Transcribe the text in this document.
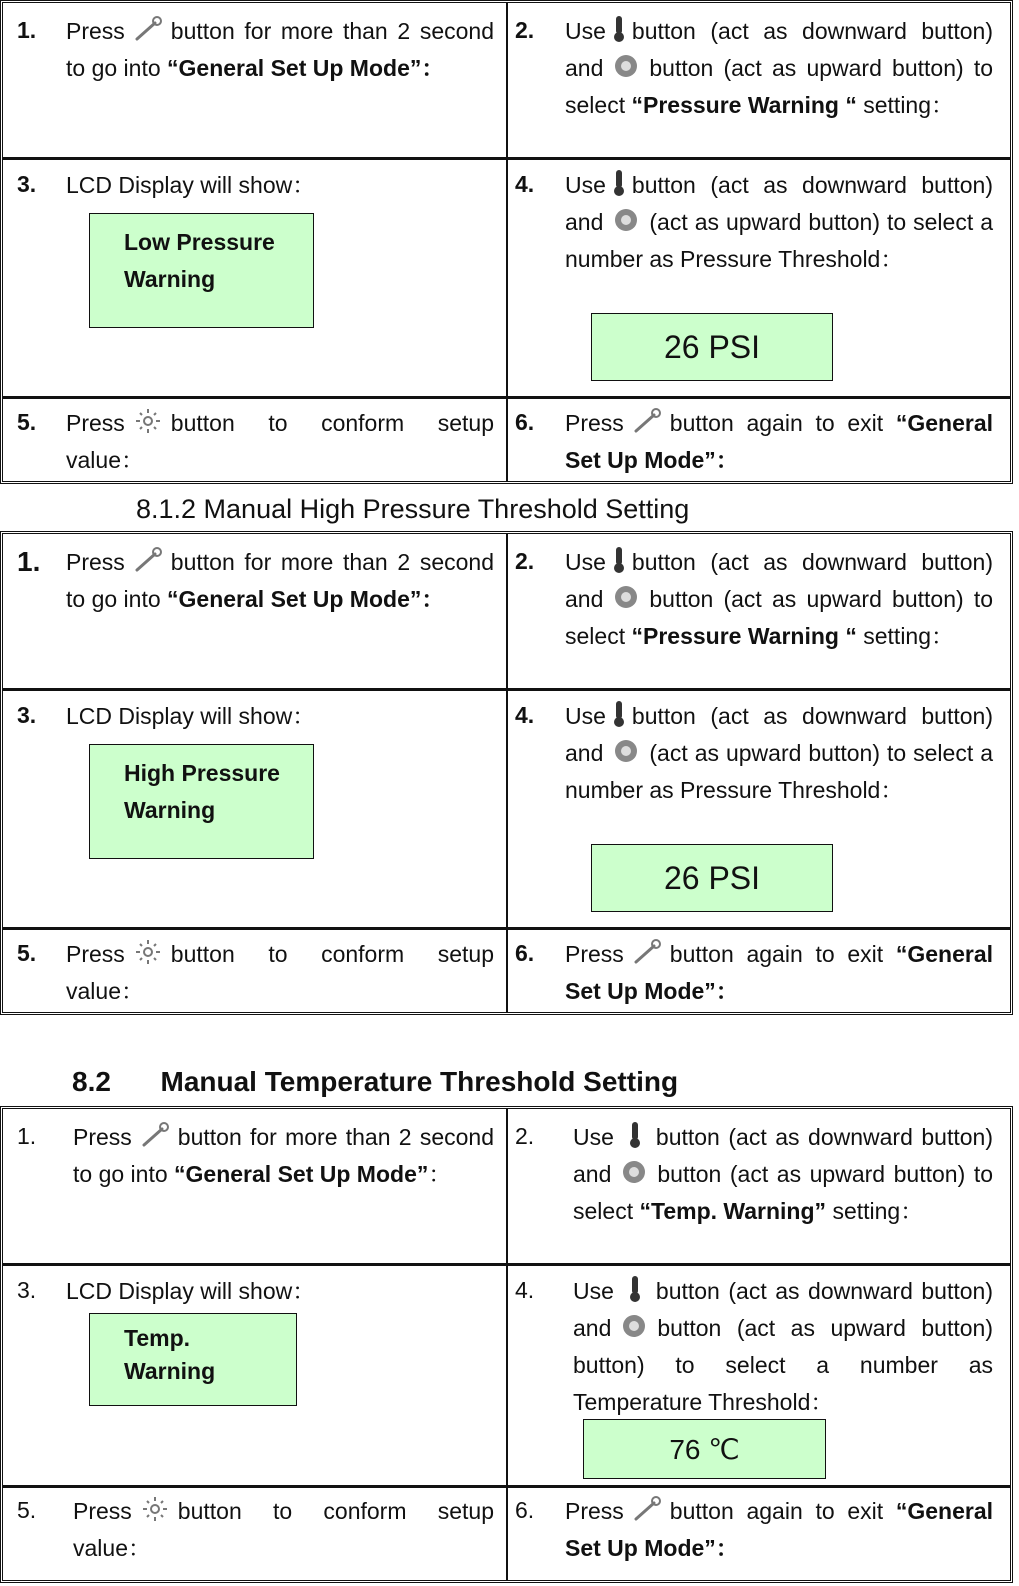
1. Press button for more than 2 second to go into “General Set Up Mode”：
2. Use button (act as downward button) and button (act as upward button) to select “Pressure Warning “ setting：
3. LCD Display will show：
Low Pressure Warning
4. Use button (act as downward button) and (act as upward button) to select a number as Pressure Threshold：
26 PSI
5. Press button to conform setup value：
6. Press button again to exit “General Set Up Mode”：
8.1.2 Manual High Pressure Threshold Setting
1. Press button for more than 2 second to go into “General Set Up Mode”：
2. Use button (act as downward button) and button (act as upward button) to select “Pressure Warning “ setting：
3. LCD Display will show：
High Pressure Warning
4. Use button (act as downward button) and (act as upward button) to select a number as Pressure Threshold：
26 PSI
5. Press button to conform setup value：
6. Press button again to exit “General Set Up Mode”：
8.2 Manual Temperature Threshold Setting
1. Press button for more than 2 second to go into “General Set Up Mode”：
2. Use button (act as downward button) and button (act as upward button) to select “Temp. Warning” setting：
3. LCD Display will show：
Temp. Warning
4. Use button (act as downward button) and button (act as upward button) button) to select a number as Temperature Threshold：
76 ℃
5. Press button to conform setup value：
6. Press button again to exit “General Set Up Mode”：
